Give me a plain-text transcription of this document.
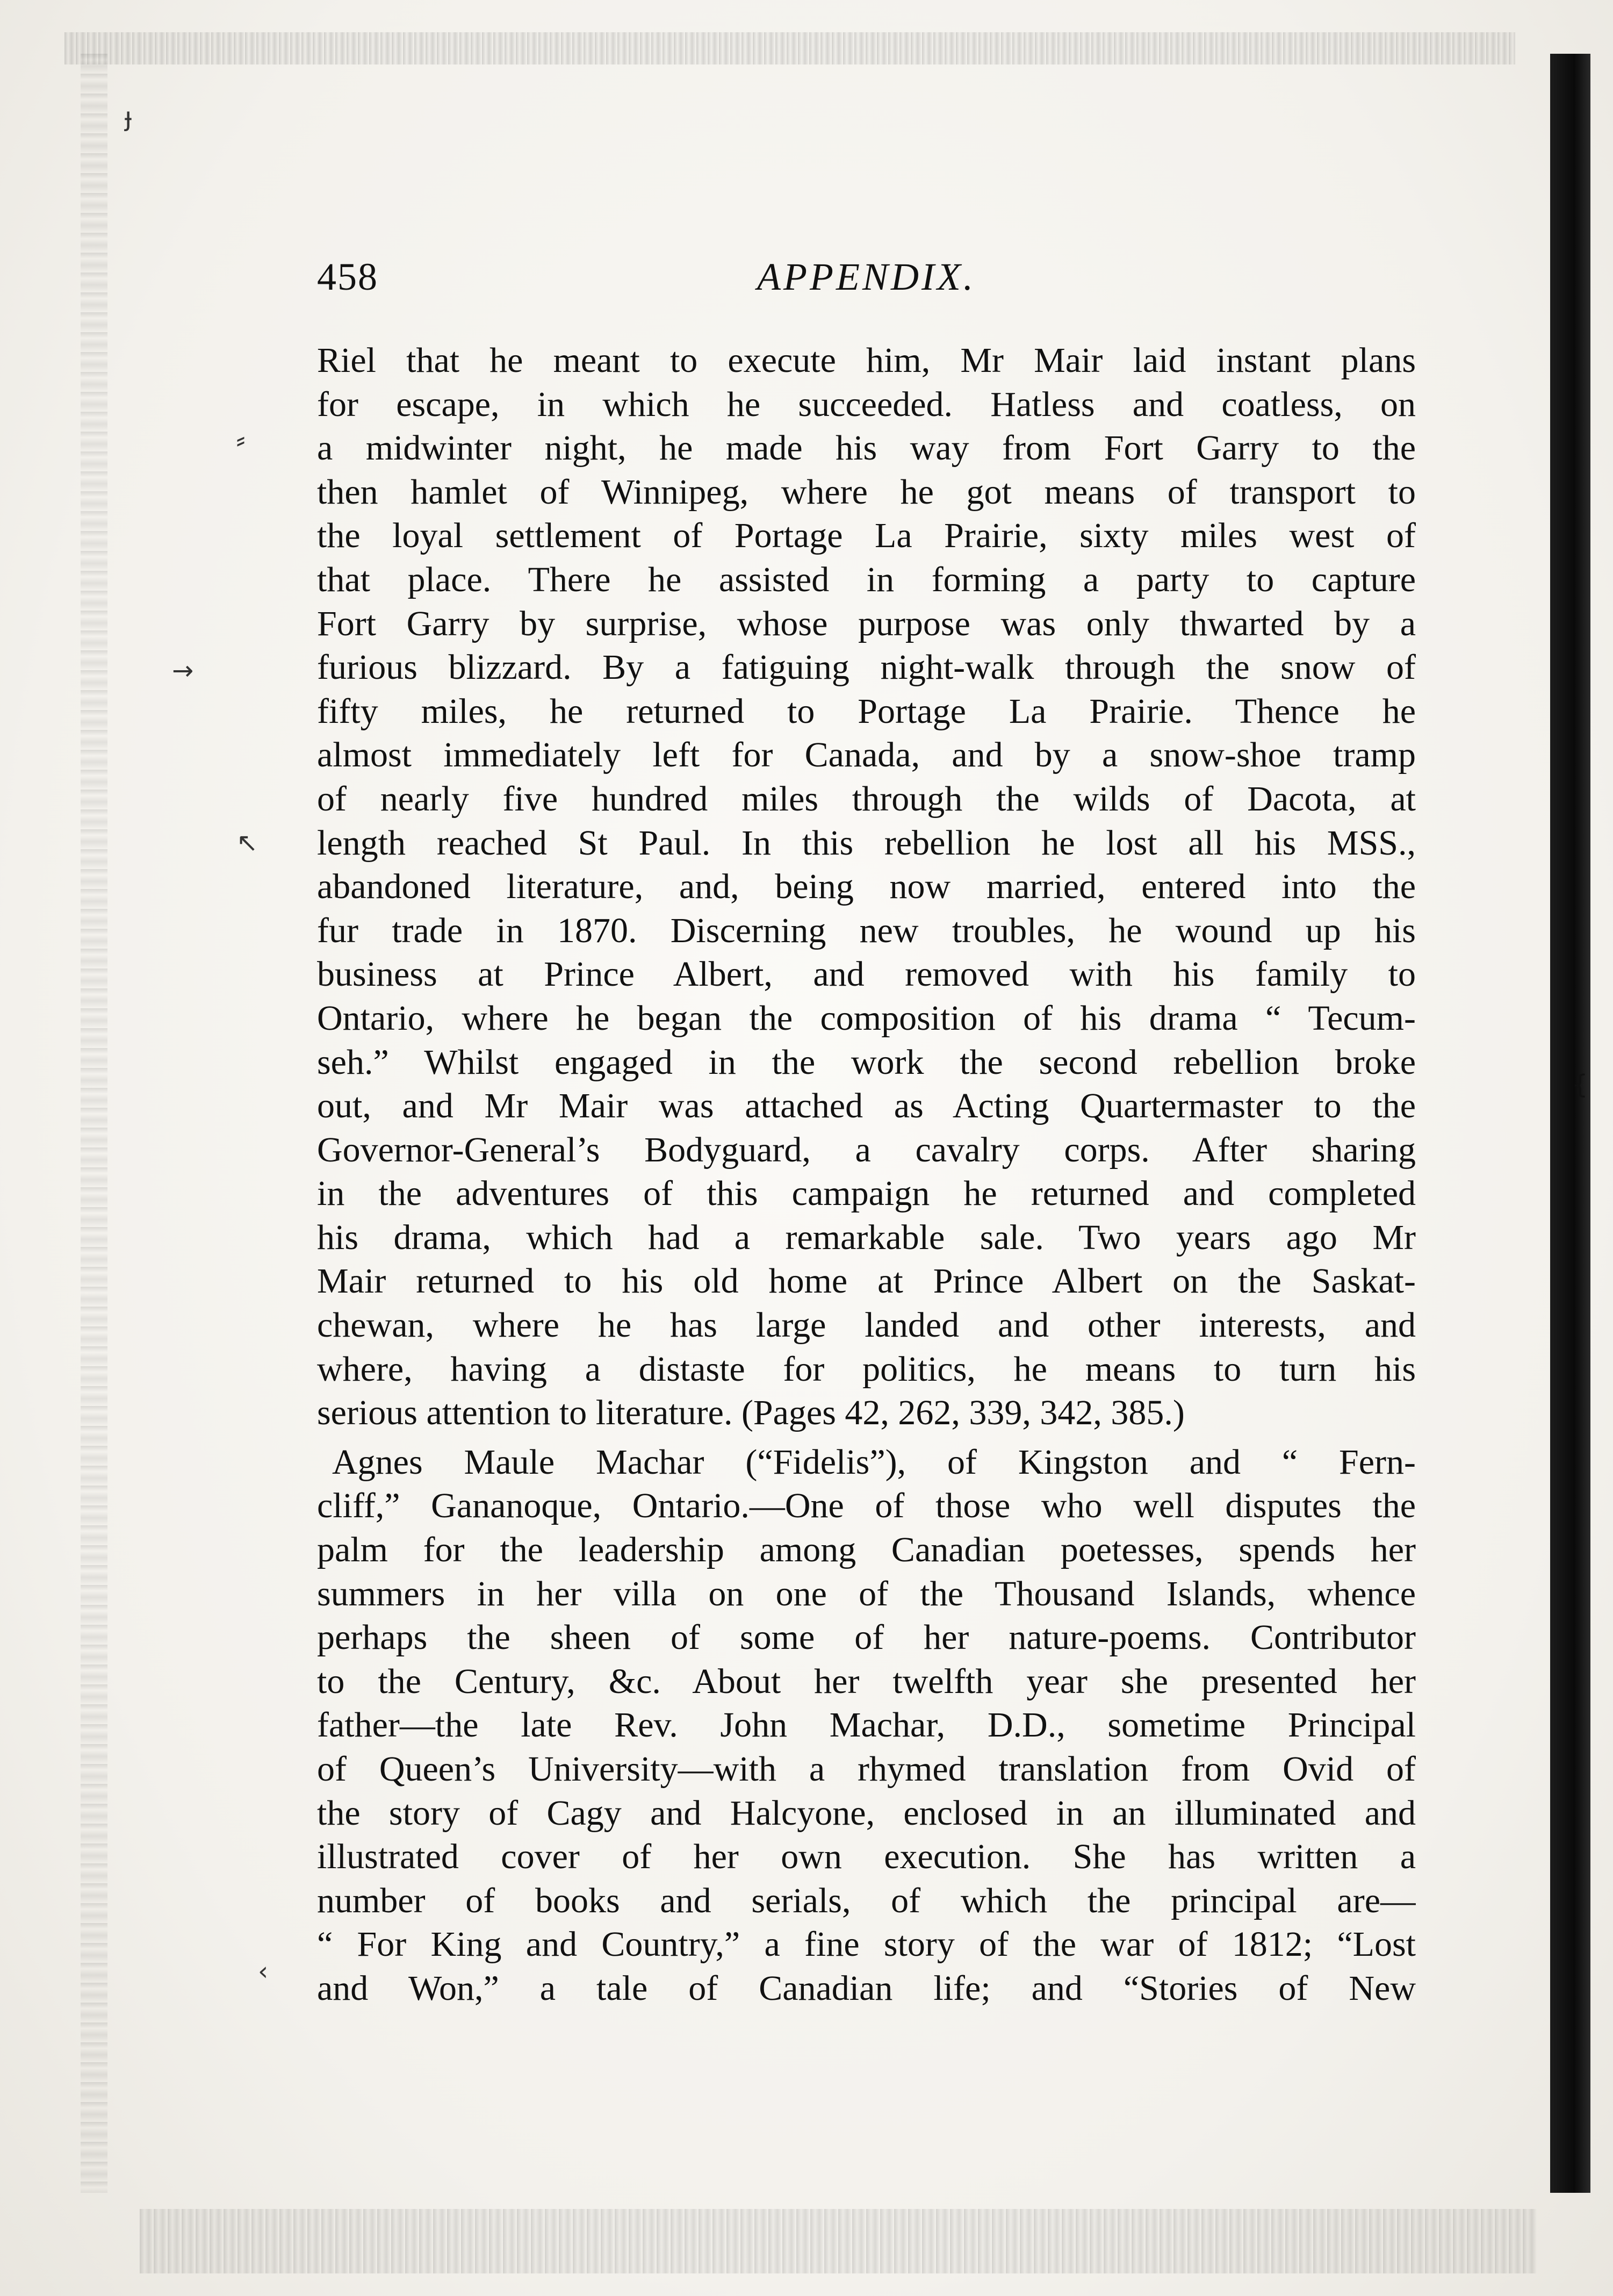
ɟ
⸗
→
↖
{
‹
458	APPENDIX.
Riel that he meant to execute him, Mr Mair laid instant plans
for escape, in which he succeeded. Hatless and coatless, on
a midwinter night, he made his way from Fort Garry to the
then hamlet of Winnipeg, where he got means of transport to
the loyal settlement of Portage La Prairie, sixty miles west of
that place. There he assisted in forming a party to capture
Fort Garry by surprise, whose purpose was only thwarted by a
furious blizzard. By a fatiguing night-walk through the snow of
fifty miles, he returned to Portage La Prairie. Thence he
almost immediately left for Canada, and by a snow-shoe tramp
of nearly five hundred miles through the wilds of Dacota, at
length reached St Paul. In this rebellion he lost all his MSS.,
abandoned literature, and, being now married, entered into the
fur trade in 1870. Discerning new troubles, he wound up his
business at Prince Albert, and removed with his family to
Ontario, where he began the composition of his drama “ Tecum-
seh.” Whilst engaged in the work the second rebellion broke
out, and Mr Mair was attached as Acting Quartermaster to the
Governor-General’s Bodyguard, a cavalry corps. After sharing
in the adventures of this campaign he returned and completed
his drama, which had a remarkable sale. Two years ago Mr
Mair returned to his old home at Prince Albert on the Saskat-
chewan, where he has large landed and other interests, and
where, having a distaste for politics, he means to turn his
serious attention to literature. (Pages 42, 262, 339, 342, 385.)
Agnes Maule Machar (“Fidelis”), of Kingston and “ Fern-
cliff,” Gananoque, Ontario.—One of those who well disputes the
palm for the leadership among Canadian poetesses, spends her
summers in her villa on one of the Thousand Islands, whence
perhaps the sheen of some of her nature-poems. Contributor
to the Century, &c. About her twelfth year she presented her
father—the late Rev. John Machar, D.D., sometime Principal
of Queen’s University—with a rhymed translation from Ovid of
the story of Cagy and Halcyone, enclosed in an illuminated and
illustrated cover of her own execution. She has written a
number of books and serials, of which the principal are—
“ For King and Country,” a fine story of the war of 1812; “Lost
and Won,” a tale of Canadian life; and “Stories of New
